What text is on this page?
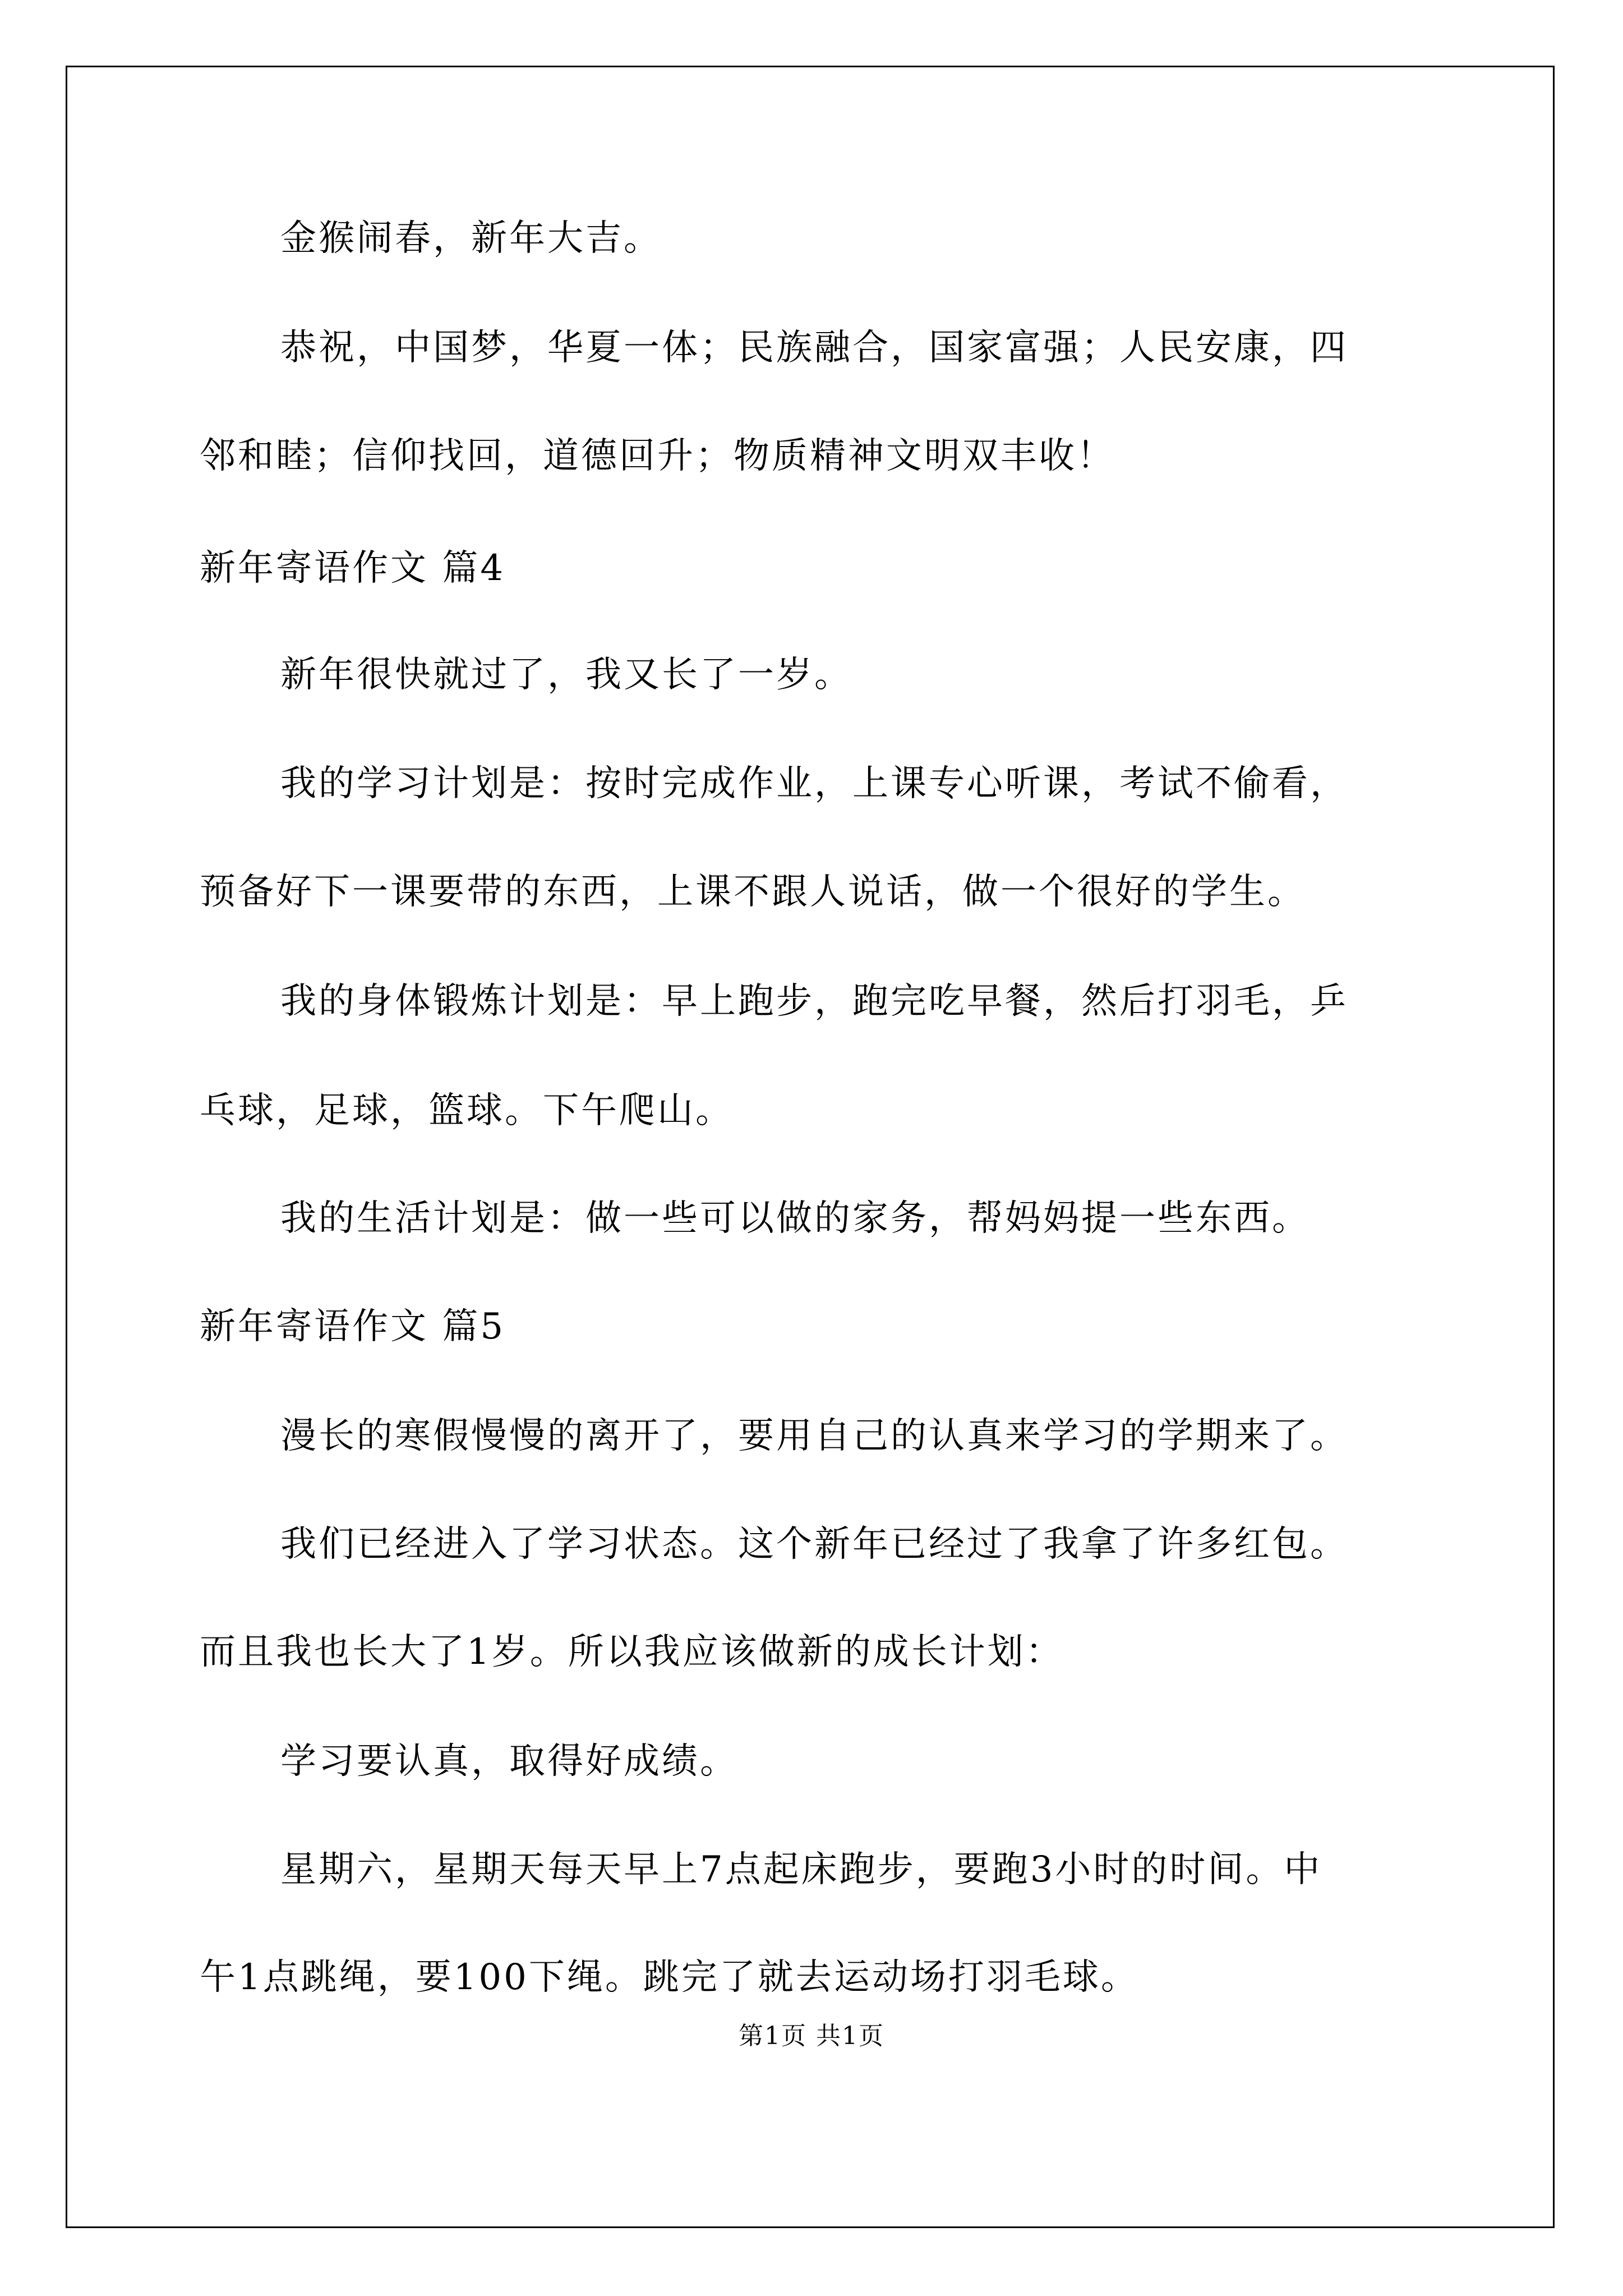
金猴闹春，新年大吉。
恭祝，中国梦，华夏一体；民族融合，国家富强；人民安康，四
邻和睦；信仰找回，道德回升；物质精神文明双丰收！
新年寄语作文 篇4
新年很快就过了，我又长了一岁。
我的学习计划是：按时完成作业，上课专心听课，考试不偷看，
预备好下一课要带的东西，上课不跟人说话，做一个很好的学生。
我的身体锻炼计划是：早上跑步，跑完吃早餐，然后打羽毛，乒
乓球，足球，篮球。下午爬山。
我的生活计划是：做一些可以做的家务，帮妈妈提一些东西。
新年寄语作文 篇5
漫长的寒假慢慢的离开了，要用自己的认真来学习的学期来了。
我们已经进入了学习状态。这个新年已经过了我拿了许多红包。
而且我也长大了1岁。所以我应该做新的成长计划：
学习要认真，取得好成绩。
星期六，星期天每天早上7点起床跑步，要跑3小时的时间。中
午1点跳绳，要100下绳。跳完了就去运动场打羽毛球。
第1页 共1页
